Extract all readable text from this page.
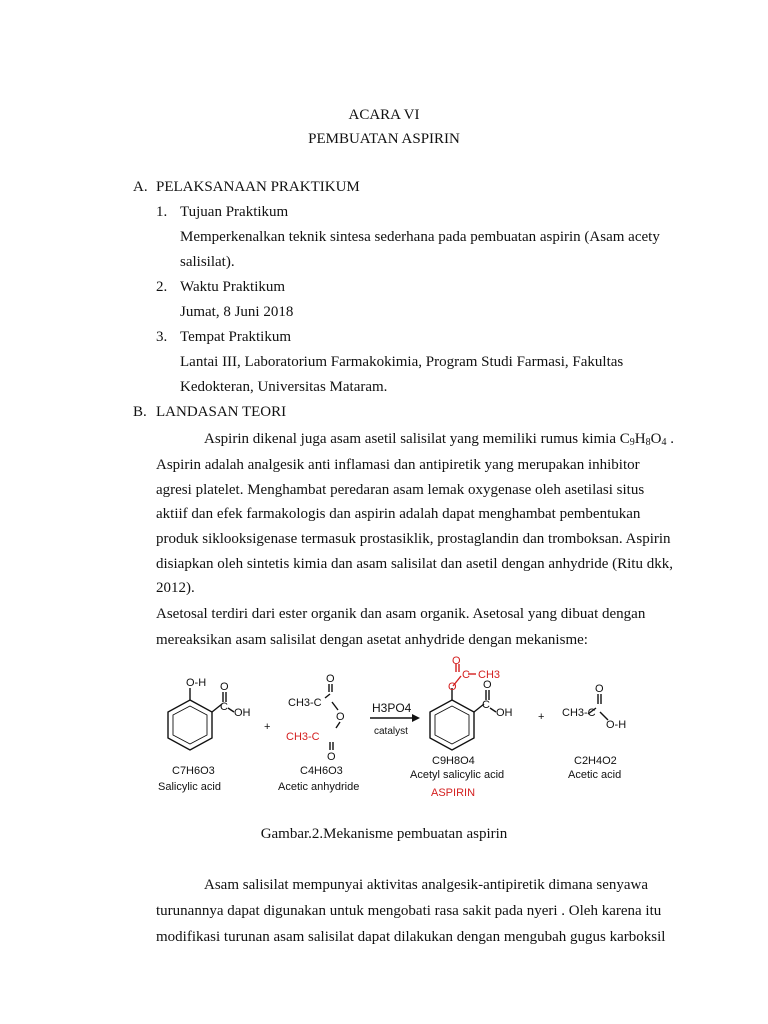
ACARA VI
PEMBUATAN ASPIRIN
A. PELAKSANAAN PRAKTIKUM
1. Tujuan Praktikum
Memperkenalkan teknik sintesa sederhana pada pembuatan aspirin (Asam acety
salisilat).
2. Waktu Praktikum
Jumat, 8 Juni 2018
3. Tempat Praktikum
Lantai III, Laboratorium Farmakokimia, Program Studi Farmasi, Fakultas
Kedokteran, Universitas Mataram.
B. LANDASAN TEORI
Aspirin dikenal juga asam asetil salisilat yang memiliki rumus kimia $C_9H_8O_4$ .
Aspirin adalah analgesik anti inflamasi dan antipiretik yang merupakan inhibitor
agresi platelet. Menghambat peredaran asam lemak oxygenase oleh asetilasi situs
aktiif dan efek farmakologis dan aspirin adalah dapat menghambat pembentukan
produk siklooksigenase termasuk prostasiklik, prostaglandin dan tromboksan. Aspirin
disiapkan oleh sintetis kimia dan asam salisilat dan asetil dengan anhydride (Ritu dkk,
2012).
Asetosal terdiri dari ester organik dan asam organik. Asetosal yang dibuat dengan
mereaksikan asam salisilat dengan asetat anhydride dengan mekanisme:
O-H O
C OH
C7H6O3
Salicylic acid
+
O
CH3-C
O
CH3-C
O
C4H6O3
Acetic anhydride
H3PO4
catalyst
O
C CH3
O O
C
OH
C9H8O4
Acetyl salicylic acid
ASPIRIN
+
O
CH3-C
O-H
C2H4O2
Acetic acid
Gambar.2.Mekanisme pembuatan aspirin
Asam salisilat mempunyai aktivitas analgesik-antipiretik dimana senyawa
turunannya dapat digunakan untuk mengobati rasa sakit pada nyeri . Oleh karena itu
modifikasi turunan asam salisilat dapat dilakukan dengan mengubah gugus karboksil
